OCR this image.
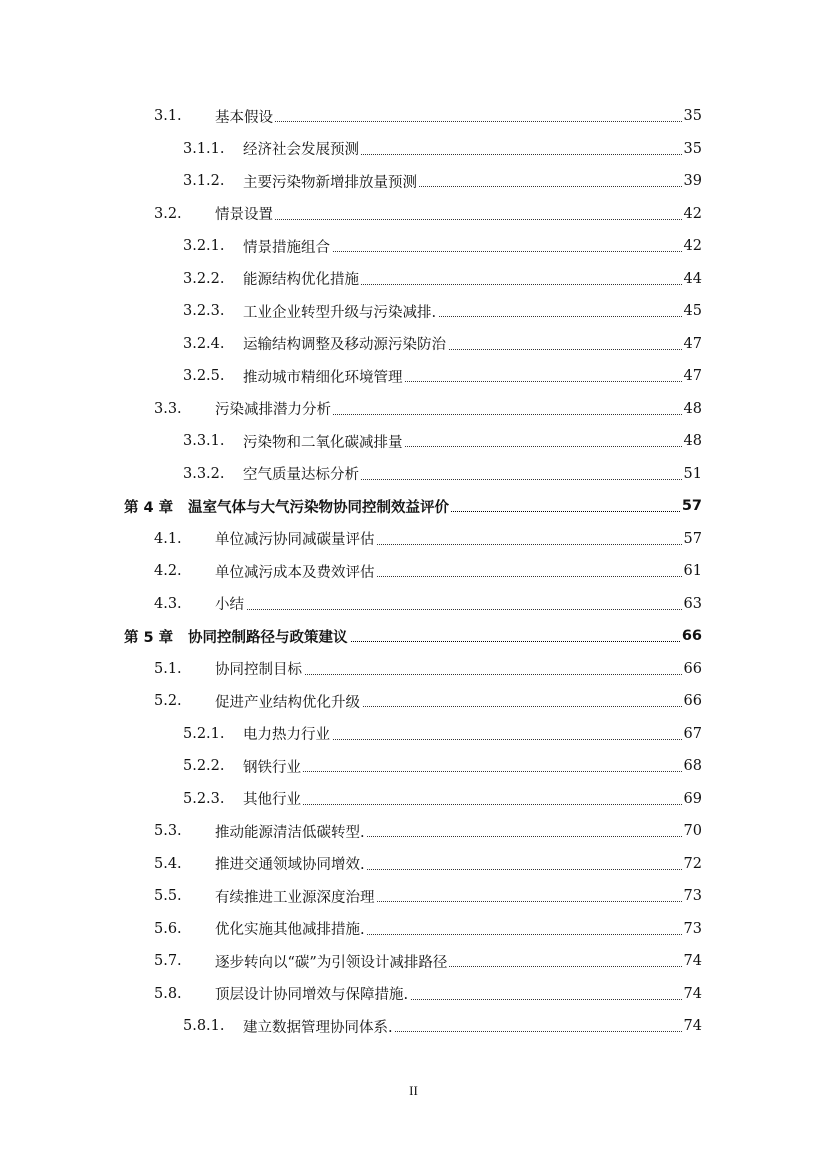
3.1. 基本假设	35
3.1.1. 经济社会发展预测	35
3.1.2. 主要污染物新增排放量预测	39
3.2. 情景设置	42
3.2.1. 情景措施组合	42
3.2.2. 能源结构优化措施	44
3.2.3. 工业企业转型升级与污染减排.	45
3.2.4. 运输结构调整及移动源污染防治	47
3.2.5. 推动城市精细化环境管理	47
3.3. 污染减排潜力分析	48
3.3.1. 污染物和二氧化碳减排量	48
3.3.2. 空气质量达标分析	51
第 4 章 温室气体与大气污染物协同控制效益评价	57
4.1. 单位减污协同减碳量评估	57
4.2. 单位减污成本及费效评估	61
4.3. 小结	63
第 5 章 协同控制路径与政策建议	66
5.1. 协同控制目标	66
5.2. 促进产业结构优化升级	66
5.2.1. 电力热力行业	67
5.2.2. 钢铁行业	68
5.2.3. 其他行业	69
5.3. 推动能源清洁低碳转型.	70
5.4. 推进交通领域协同增效.	72
5.5. 有续推进工业源深度治理	73
5.6. 优化实施其他减排措施.	73
5.7. 逐步转向以“碳”为引领设计减排路径	74
5.8. 顶层设计协同增效与保障措施.	74
5.8.1. 建立数据管理协同体系.	74
II
